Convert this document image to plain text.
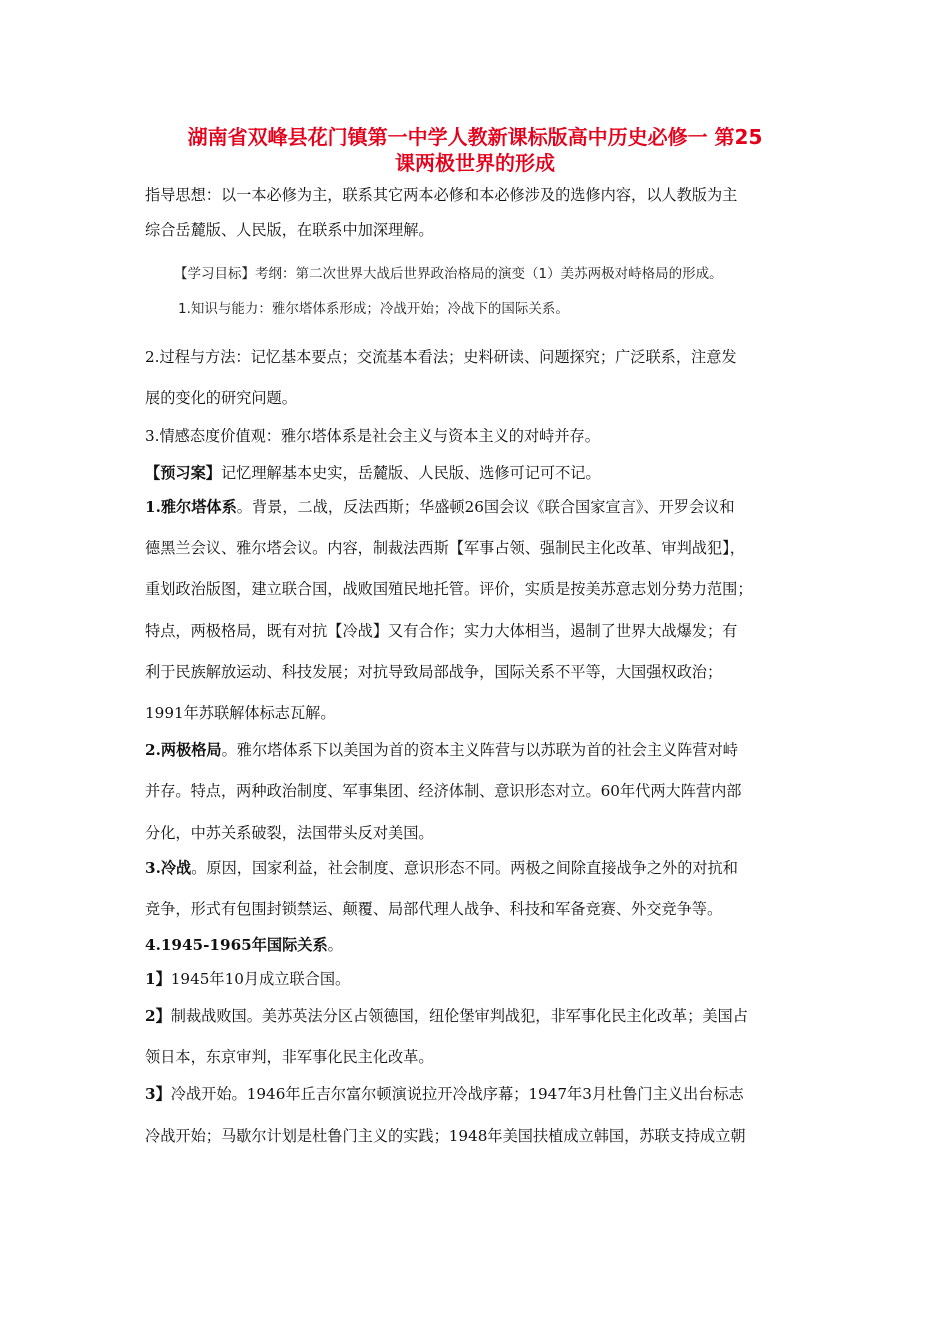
湖南省双峰县花门镇第一中学人教新课标版高中历史必修一 第25
课两极世界的形成
指导思想：以一本必修为主，联系其它两本必修和本必修涉及的选修内容，以人教版为主
综合岳麓版、人民版，在联系中加深理解。
【学习目标】考纲：第二次世界大战后世界政治格局的演变（1）美苏两极对峙格局的形成。
1.知识与能力：雅尔塔体系形成；冷战开始；冷战下的国际关系。
2.过程与方法：记忆基本要点；交流基本看法；史料研读、问题探究；广泛联系，注意发
展的变化的研究问题。
3.情感态度价值观：雅尔塔体系是社会主义与资本主义的对峙并存。
【预习案】记忆理解基本史实，岳麓版、人民版、选修可记可不记。
1.雅尔塔体系。背景，二战，反法西斯；华盛顿26国会议《联合国家宣言》、开罗会议和
德黑兰会议、雅尔塔会议。内容，制裁法西斯【军事占领、强制民主化改革、审判战犯】，
重划政治版图，建立联合国，战败国殖民地托管。评价，实质是按美苏意志划分势力范围；
特点，两极格局，既有对抗【冷战】又有合作；实力大体相当，遏制了世界大战爆发；有
利于民族解放运动、科技发展；对抗导致局部战争，国际关系不平等，大国强权政治；
1991年苏联解体标志瓦解。
2.两极格局。雅尔塔体系下以美国为首的资本主义阵营与以苏联为首的社会主义阵营对峙
并存。特点，两种政治制度、军事集团、经济体制、意识形态对立。60年代两大阵营内部
分化，中苏关系破裂，法国带头反对美国。
3.冷战。原因，国家利益，社会制度、意识形态不同。两极之间除直接战争之外的对抗和
竞争，形式有包围封锁禁运、颠覆、局部代理人战争、科技和军备竞赛、外交竞争等。
4.1945-1965年国际关系。
1】1945年10月成立联合国。
2】制裁战败国。美苏英法分区占领德国，纽伦堡审判战犯，非军事化民主化改革；美国占
领日本，东京审判，非军事化民主化改革。
3】冷战开始。1946年丘吉尔富尔顿演说拉开冷战序幕；1947年3月杜鲁门主义出台标志
冷战开始；马歇尔计划是杜鲁门主义的实践；1948年美国扶植成立韩国，苏联支持成立朝
